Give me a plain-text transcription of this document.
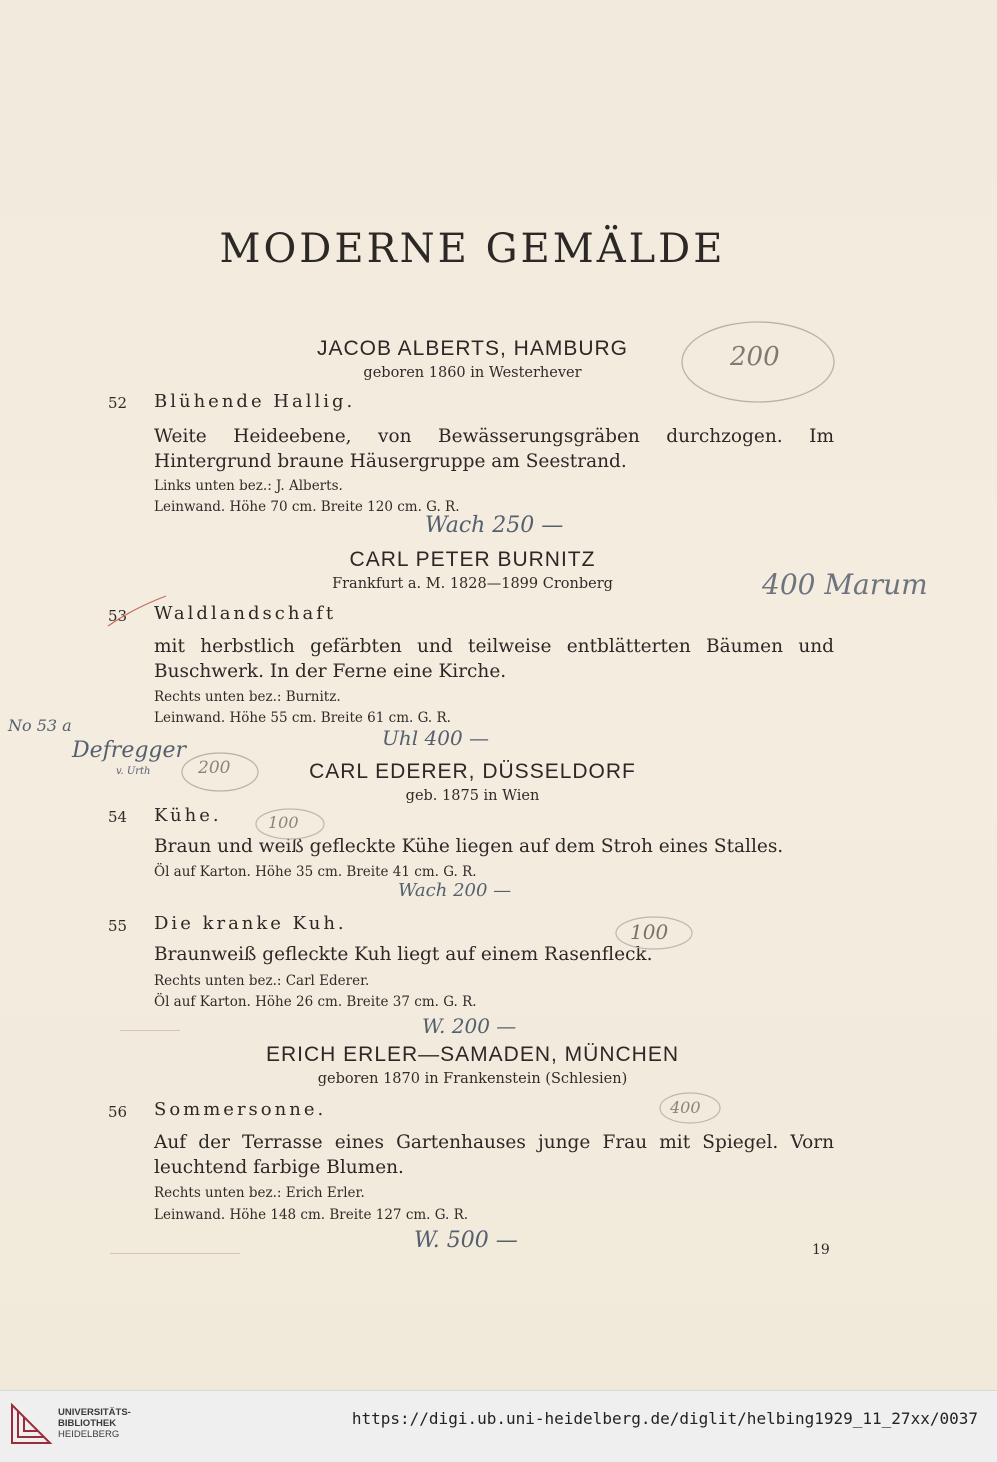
MODERNE GEMÄLDE
JACOB ALBERTS, HAMBURG
geboren 1860 in Westerhever
52 Blühende Hallig.
Weite Heideebene, von Bewässerungsgräben durchzogen. Im Hintergrund braune Häusergruppe am Seestrand.
Links unten bez.: J. Alberts.
Leinwand. Höhe 70 cm. Breite 120 cm. G. R.
CARL PETER BURNITZ
Frankfurt a. M. 1828—1899 Cronberg
53 Waldlandschaft
mit herbstlich gefärbten und teilweise entblätterten Bäumen und Buschwerk. In der Ferne eine Kirche.
Rechts unten bez.: Burnitz.
Leinwand. Höhe 55 cm. Breite 61 cm. G. R.
CARL EDERER, DÜSSELDORF
geb. 1875 in Wien
54 Kühe.
Braun und weiß gefleckte Kühe liegen auf dem Stroh eines Stalles.
Öl auf Karton. Höhe 35 cm. Breite 41 cm. G. R.
55 Die kranke Kuh.
Braunweiß gefleckte Kuh liegt auf einem Rasenfleck.
Rechts unten bez.: Carl Ederer.
Öl auf Karton. Höhe 26 cm. Breite 37 cm. G. R.
ERICH ERLER—SAMADEN, MÜNCHEN
geboren 1870 in Frankenstein (Schlesien)
56 Sommersonne.
Auf der Terrasse eines Gartenhauses junge Frau mit Spiegel. Vorn leuchtend farbige Blumen.
Rechts unten bez.: Erich Erler.
Leinwand. Höhe 148 cm. Breite 127 cm. G. R.
19
200
Wach 250 —
400 Marum
No 53 a
Defregger
v. Urth	200
Uhl 400 —
100
Wach 200 —
100
W. 200 —
400
W. 500 —
UNIVERSITÄTS-
BIBLIOTHEK
HEIDELBERG
https://digi.ub.uni-heidelberg.de/diglit/helbing1929_11_27xx/0037
